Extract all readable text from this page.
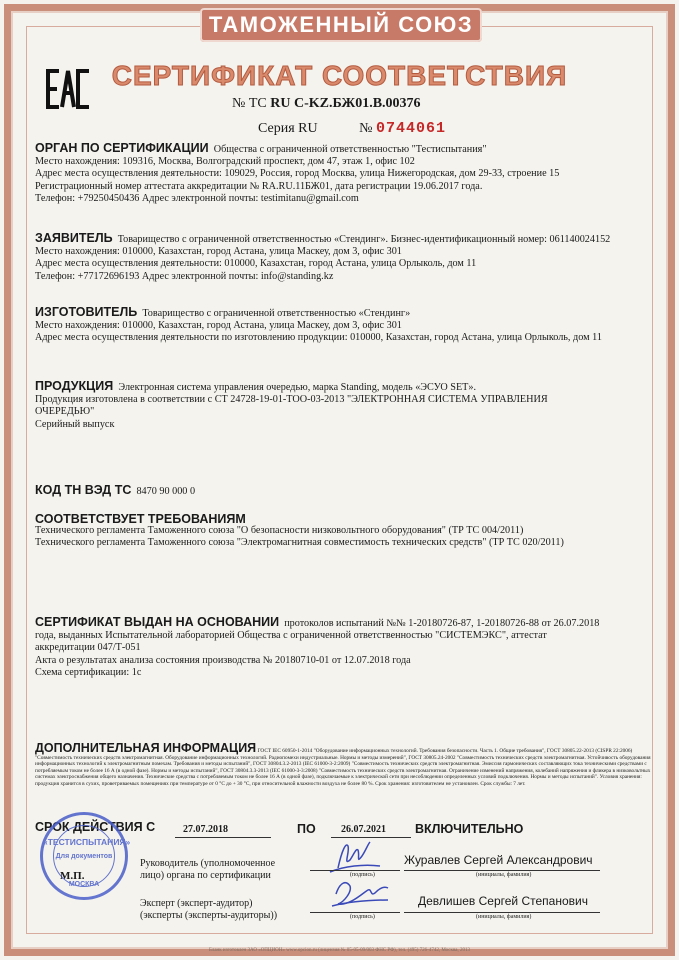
ТАМОЖЕННЫЙ СОЮЗ
СЕРТИФИКАТ СООТВЕТСТВИЯ
№ ТС RU C-KZ.БЖ01.В.00376
Серия RU	№ 0744061

ОРГАН ПО СЕРТИФИКАЦИИ Общества с ограниченной ответственностью "Тестиспытания"

Место нахождения: 109316, Москва, Волгоградский проспект, дом 47, этаж 1, офис 102

Адрес места осуществления деятельности: 109029, Россия, город Москва, улица Нижегородская, дом 29-33, строение 15

Регистрационный номер аттестата аккредитации № RA.RU.11БЖ01, дата регистрации 19.06.2017 года.

Телефон: +79250450436 Адрес электронной почты: testimitanu@gmail.com

ЗАЯВИТЕЛЬ Товарищество с ограниченной ответственностью «Стендинг». Бизнес-идентификационный номер: 061140024152

Место нахождения: 010000, Казахстан, город Астана, улица Маскеу, дом 3, офис 301

Адрес места осуществления деятельности: 010000, Казахстан, город Астана, улица Орлыколь, дом 11

Телефон: +77172696193 Адрес электронной почты: info@standing.kz

ИЗГОТОВИТЕЛЬ Товарищество с ограниченной ответственностью «Стендинг»

Место нахождения: 010000, Казахстан, город Астана, улица Маскеу, дом 3, офис 301

Адрес места осуществления деятельности по изготовлению продукции: 010000, Казахстан, город Астана, улица Орлыколь, дом 11

ПРОДУКЦИЯ Электронная система управления очередью, марка Standing, модель «ЭСУО SET».

Продукция изготовлена в соответствии с СТ 24728-19-01-ТОО-03-2013 "ЭЛЕКТРОННАЯ СИСТЕМА УПРАВЛЕНИЯ

ОЧЕРЕДЬЮ"

Серийный выпуск

КОД ТН ВЭД ТС 8470 90 000 0

СООТВЕТСТВУЕТ ТРЕБОВАНИЯМ

Технического регламента Таможенного союза "О безопасности низковольтного оборудования" (ТР ТС 004/2011)

Технического регламента Таможенного союза "Электромагнитная совместимость технических средств" (ТР ТС 020/2011)

СЕРТИФИКАТ ВЫДАН НА ОСНОВАНИИ протоколов испытаний №№ 1-20180726-87, 1-20180726-88 от 26.07.2018

года, выданных Испытательной лабораторией Общества с ограниченной ответственностью "СИСТЕМЭКС", аттестат

аккредитации 047/Т-051

Акта о результатах анализа состояния производства № 20180710-01 от 12.07.2018 года

Схема сертификации: 1с

ДОПОЛНИТЕЛЬНАЯ ИНФОРМАЦИЯ ГОСТ IEC 60950-1-2014 "Оборудование информационных технологий. Требования безопасности. Часть 1. Общие требования", ГОСТ 30805.22-2013 (CISPR 22:2006) "Совместимость технических средств электромагнитная. Оборудование информационных технологий. Радиопомехи индустриальные. Нормы и методы измерений", ГОСТ 30805.24-2002 "Совместимость технических средств электромагнитная. Устойчивость оборудования информационных технологий к электромагнитным помехам. Требования и методы испытаний", ГОСТ 30804.3.2-2013 (IEC 61000-3-2:2009) "Совместимость технических средств электромагнитная. Эмиссия гармонических составляющих тока техническими средствами с потребляемым током не более 16 А (в одной фазе). Нормы и методы испытаний", ГОСТ 30804.3.3-2013 (IEC 61000-3-3:2008) "Совместимость технических средств электромагнитная. Ограничение изменений напряжения, колебаний напряжения и фликера в низковольтных системах электроснабжения общего назначения. Технические средства с потребляемым током не более 16 А (в одной фазе), подключаемые к электрической сети при несоблюдении определенных условий подключения. Нормы и методы испытаний". Условия хранения: продукция хранится в сухих, проветриваемых помещениях при температуре от 0 °С до + 30 °С, при относительной влажности воздуха не более 80 %. Срок хранения: изготовителем не установлен. Срок службы: 7 лет.

СРОК ДЕЙСТВИЯ С	27.07.2018	ПО	26.07.2021 ВКЛЮЧИТЕЛЬНО
«ТЕСТИСПЫТАНИЯ»
Для документов
МОСКВА
Руководитель (уполномоченное
лицо) органа по сертификации
М.П.
Эксперт (эксперт-аудитор)
(эксперты (эксперты-аудиторы))
(подпись)
(подпись)
Журавлев Сергей Александрович
(инициалы, фамилия)
Девлишев Сергей Степанович
(инициалы, фамилия)
Бланк изготовлен ЗАО «ОПЦИОН» www.opcion.ru (лицензия № 05-05-09/003 ФНС РФ), тел. (495) 726-4742, Москва, 2013
